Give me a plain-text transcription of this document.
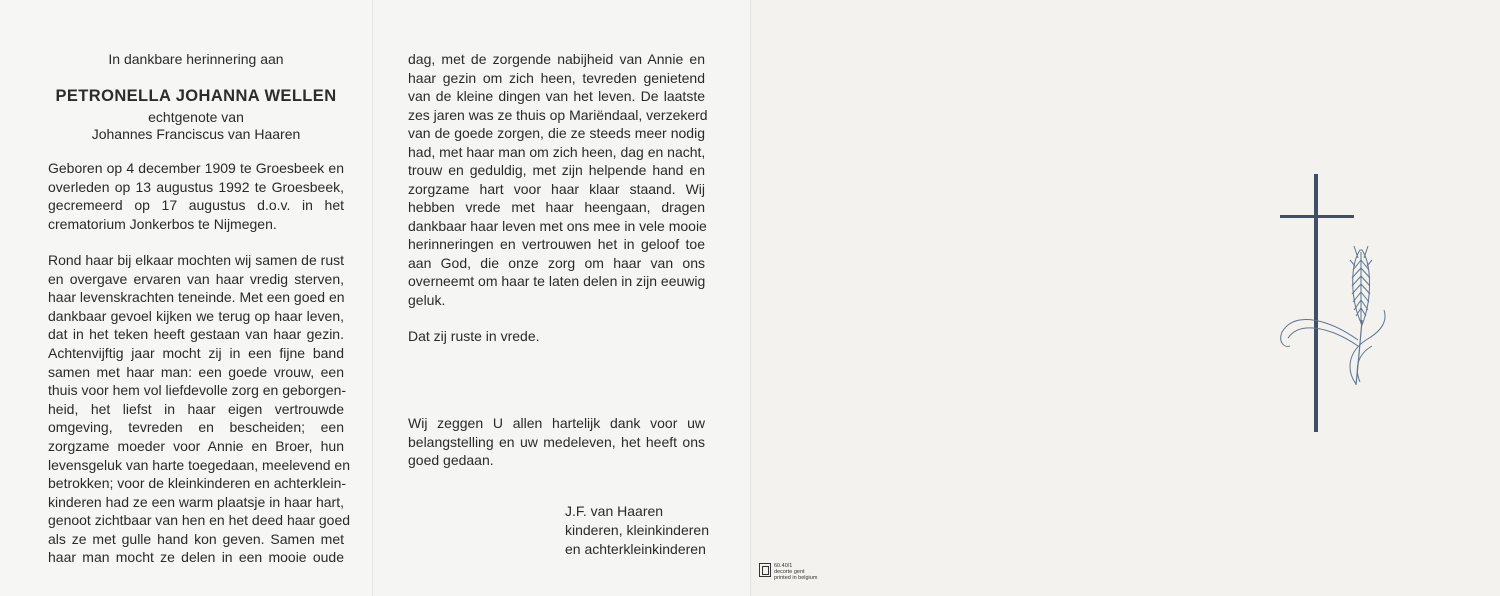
In dankbare herinnering aan
PETRONELLA JOHANNA WELLEN
echtgenote van
Johannes Franciscus van Haaren
Geboren op 4 december 1909 te Groesbeek en
overleden op 13 augustus 1992 te Groesbeek,
gecremeerd op 17 augustus d.o.v. in het
crematorium Jonkerbos te Nijmegen.
Rond haar bij elkaar mochten wij samen de rust
en overgave ervaren van haar vredig sterven,
haar levenskrachten teneinde. Met een goed en
dankbaar gevoel kijken we terug op haar leven,
dat in het teken heeft gestaan van haar gezin.
Achtenvijftig jaar mocht zij in een fijne band
samen met haar man: een goede vrouw, een
thuis voor hem vol liefdevolle zorg en geborgen-
heid, het liefst in haar eigen vertrouwde
omgeving, tevreden en bescheiden; een
zorgzame moeder voor Annie en Broer, hun
levensgeluk van harte toegedaan, meelevend en
betrokken; voor de kleinkinderen en achterklein-
kinderen had ze een warm plaatsje in haar hart,
genoot zichtbaar van hen en het deed haar goed
als ze met gulle hand kon geven. Samen met
haar man mocht ze delen in een mooie oude
dag, met de zorgende nabijheid van Annie en
haar gezin om zich heen, tevreden genietend
van de kleine dingen van het leven. De laatste
zes jaren was ze thuis op Mariëndaal, verzekerd
van de goede zorgen, die ze steeds meer nodig
had, met haar man om zich heen, dag en nacht,
trouw en geduldig, met zijn helpende hand en
zorgzame hart voor haar klaar staand. Wij
hebben vrede met haar heengaan, dragen
dankbaar haar leven met ons mee in vele mooie
herinneringen en vertrouwen het in geloof toe
aan God, die onze zorg om haar van ons
overneemt om haar te laten delen in zijn eeuwig
geluk.
Dat zij ruste in vrede.
Wij zeggen U allen hartelijk dank voor uw
belangstelling en uw medeleven, het heeft ons
goed gedaan.
J.F. van Haaren
kinderen, kleinkinderen
en achterkleinkinderen
60.40/1
decorte gent
printed in belgium
